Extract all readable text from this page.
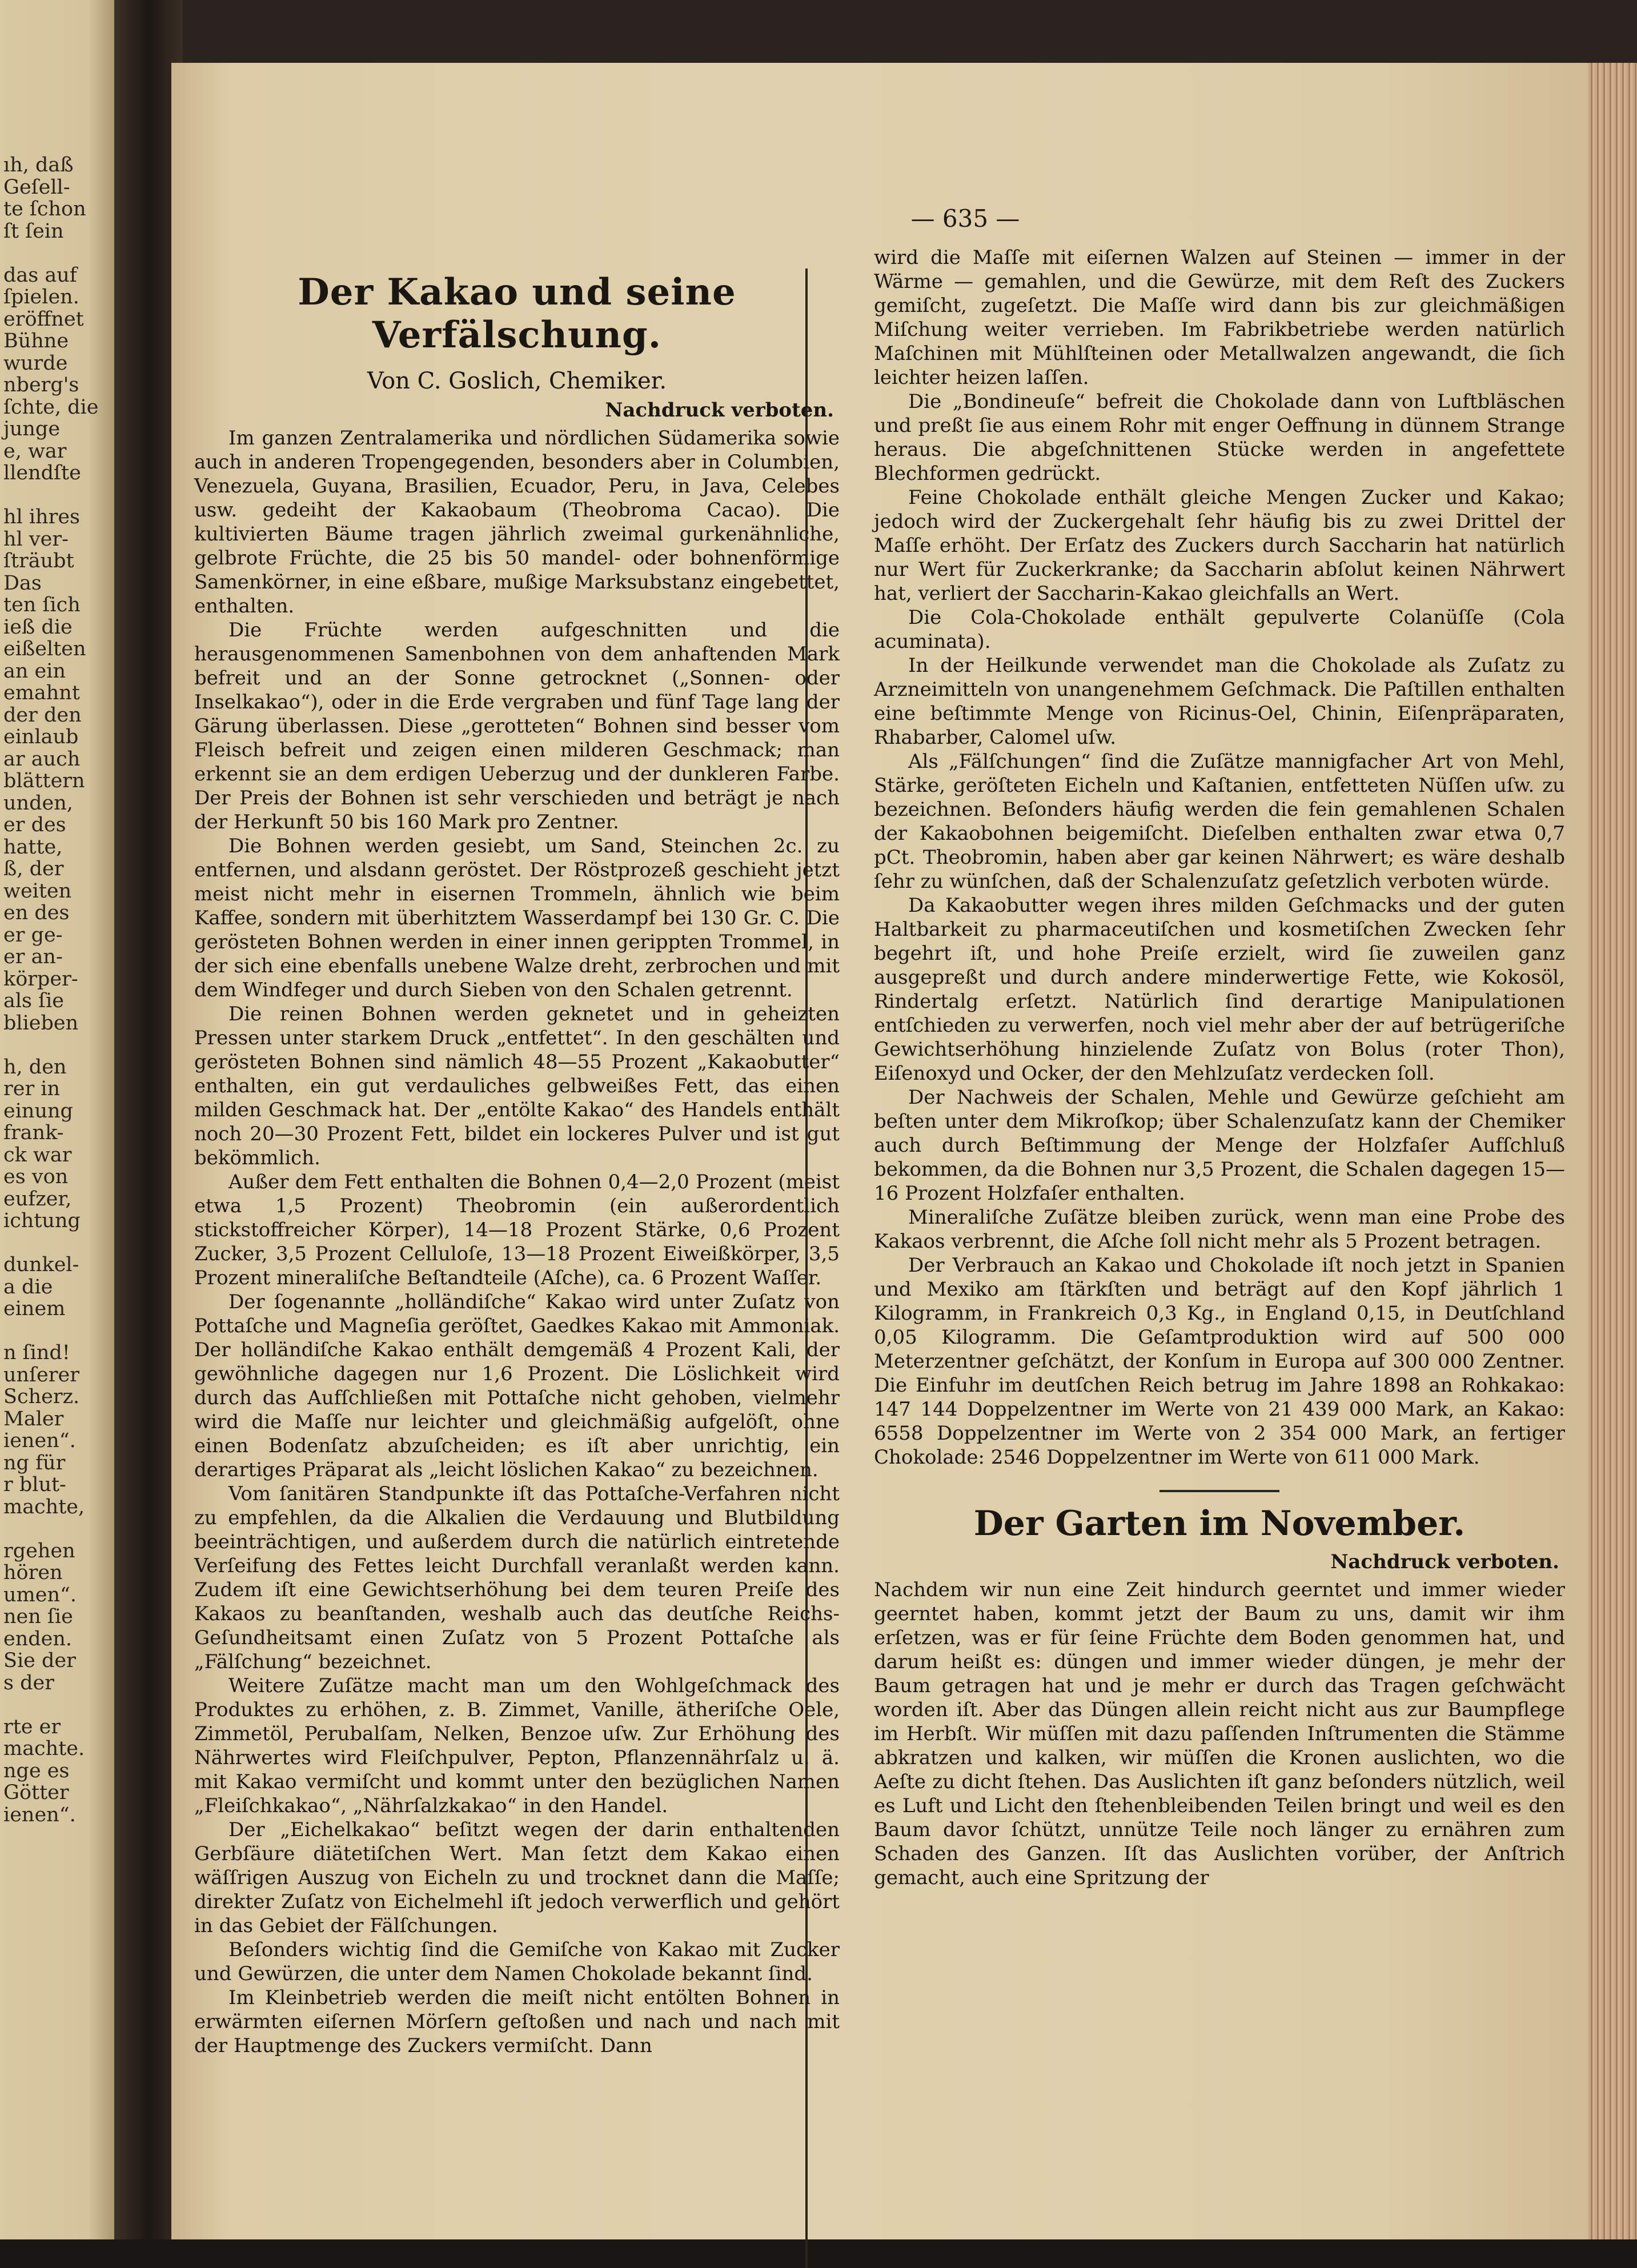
ıh, daß
Geſell-
te ſchon
ſt ſein

das auf
ſpielen.
eröffnet
Bühne
wurde
nberg's
ſchte, die
junge
e, war
llendſte

hl ihres
hl ver-
ſträubt
Das
ten ſich
ieß die
eißelten
an ein
emahnt
der den
einlaub
ar auch
blättern
unden,
er des
hatte,
ß, der
weiten
en des
er ge-
er an-
körper-
als ſie
blieben

h, den
rer in
einung
frank-
ck war
es von
eufzer,
ichtung

dunkel-
a die
einem

n ſind!
unſerer
Scherz.
Maler
ienen“.
ng für
r blut-
machte,

rgehen
hören
umen“.
nen ſie
enden.
Sie der
s der

rte er
machte.
nge es
Götter
ienen“.
— 635 —
Der Kakao und seine Verfälschung.
Von C. Goslich, Chemiker.
Nachdruck verboten.

Im ganzen Zentralamerika und nördlichen Südamerika sowie auch in anderen Tropengegenden, besonders aber in Columbien, Venezuela, Guyana, Brasilien, Ecuador, Peru, in Java, Celebes usw. gedeiht der Kakaobaum (Theobroma Cacao). Die kultivierten Bäume tragen jährlich zweimal gurkenähnliche, gelbrote Früchte, die 25 bis 50 mandel- oder bohnenförmige Samenkörner, in eine eßbare, mußige Marksubstanz eingebettet, enthalten.

Die Früchte werden aufgeschnitten und die herausgenommenen Samenbohnen von dem anhaftenden Mark befreit und an der Sonne getrocknet („Sonnen- oder Inselkakao“), oder in die Erde vergraben und fünf Tage lang der Gärung überlassen. Diese „gerotteten“ Bohnen sind besser vom Fleisch befreit und zeigen einen milderen Geschmack; man erkennt sie an dem erdigen Ueberzug und der dunkleren Farbe. Der Preis der Bohnen ist sehr verschieden und beträgt je nach der Herkunft 50 bis 160 Mark pro Zentner.

Die Bohnen werden gesiebt, um Sand, Steinchen 2c. zu entfernen, und alsdann geröstet. Der Röstprozeß geschieht jetzt meist nicht mehr in eisernen Trommeln, ähnlich wie beim Kaffee, sondern mit überhitztem Wasserdampf bei 130 Gr. C. Die gerösteten Bohnen werden in einer innen gerippten Trommel, in der sich eine ebenfalls unebene Walze dreht, zerbrochen und mit dem Windfeger und durch Sieben von den Schalen getrennt.

Die reinen Bohnen werden geknetet und in geheizten Pressen unter starkem Druck „entfettet“. In den geschälten und gerösteten Bohnen sind nämlich 48—55 Prozent „Kakaobutter“ enthalten, ein gut verdauliches gelbweißes Fett, das einen milden Geschmack hat. Der „entölte Kakao“ des Handels enthält noch 20—30 Prozent Fett, bildet ein lockeres Pulver und ist gut bekömmlich.

Außer dem Fett enthalten die Bohnen 0,4—2,0 Prozent (meist etwa 1,5 Prozent) Theobromin (ein außerordentlich stickstoffreicher Körper), 14—18 Prozent Stärke, 0,6 Prozent Zucker, 3,5 Prozent Celluloſe, 13—18 Prozent Eiweißkörper, 3,5 Prozent mineraliſche Beſtandteile (Aſche), ca. 6 Prozent Waſſer.

Der ſogenannte „holländiſche“ Kakao wird unter Zuſatz von Pottaſche und Magneſia geröſtet, Gaedkes Kakao mit Ammoniak. Der holländiſche Kakao enthält demgemäß 4 Prozent Kali, der gewöhnliche dagegen nur 1,6 Prozent. Die Löslichkeit wird durch das Aufſchließen mit Pottaſche nicht gehoben, vielmehr wird die Maſſe nur leichter und gleichmäßig aufgelöſt, ohne einen Bodenſatz abzuſcheiden; es iſt aber unrichtig, ein derartiges Präparat als „leicht löslichen Kakao“ zu bezeichnen.

Vom ſanitären Standpunkte iſt das Pottaſche-Verfahren nicht zu empfehlen, da die Alkalien die Verdauung und Blutbildung beeinträchtigen, und außerdem durch die natürlich eintretende Verſeifung des Fettes leicht Durchfall veranlaßt werden kann. Zudem iſt eine Gewichtserhöhung bei dem teuren Preiſe des Kakaos zu beanſtanden, weshalb auch das deutſche Reichs-Geſundheitsamt einen Zuſatz von 5 Prozent Pottaſche als „Fälſchung“ bezeichnet.

Weitere Zuſätze macht man um den Wohlgeſchmack des Produktes zu erhöhen, z. B. Zimmet, Vanille, ätheriſche Oele, Zimmetöl, Perubalſam, Nelken, Benzoe uſw. Zur Erhöhung des Nährwertes wird Fleiſchpulver, Pepton, Pflanzennährſalz u. ä. mit Kakao vermiſcht und kommt unter den bezüglichen Namen „Fleiſchkakao“, „Nährſalzkakao“ in den Handel.

Der „Eichelkakao“ beſitzt wegen der darin enthaltenden Gerbſäure diätetiſchen Wert. Man ſetzt dem Kakao einen wäſſrigen Auszug von Eicheln zu und trocknet dann die Maſſe; direkter Zuſatz von Eichelmehl iſt jedoch verwerflich und gehört in das Gebiet der Fälſchungen.

Beſonders wichtig ſind die Gemiſche von Kakao mit Zucker und Gewürzen, die unter dem Namen Chokolade bekannt ſind.

Im Kleinbetrieb werden die meiſt nicht entölten Bohnen in erwärmten eiſernen Mörſern geſtoßen und nach und nach mit der Hauptmenge des Zuckers vermiſcht. Dann

wird die Maſſe mit eiſernen Walzen auf Steinen — immer in der Wärme — gemahlen, und die Gewürze, mit dem Reſt des Zuckers gemiſcht, zugeſetzt. Die Maſſe wird dann bis zur gleichmäßigen Miſchung weiter verrieben. Im Fabrikbetriebe werden natürlich Maſchinen mit Mühlſteinen oder Metallwalzen angewandt, die ſich leichter heizen laſſen.

Die „Bondineuſe“ befreit die Chokolade dann von Luftbläschen und preßt ſie aus einem Rohr mit enger Oeffnung in dünnem Strange heraus. Die abgeſchnittenen Stücke werden in angefettete Blechformen gedrückt.

Feine Chokolade enthält gleiche Mengen Zucker und Kakao; jedoch wird der Zuckergehalt ſehr häufig bis zu zwei Drittel der Maſſe erhöht. Der Erſatz des Zuckers durch Saccharin hat natürlich nur Wert für Zuckerkranke; da Saccharin abſolut keinen Nährwert hat, verliert der Saccharin-Kakao gleichfalls an Wert.

Die Cola-Chokolade enthält gepulverte Colanüſſe (Cola acuminata).

In der Heilkunde verwendet man die Chokolade als Zuſatz zu Arzneimitteln von unangenehmem Geſchmack. Die Paſtillen enthalten eine beſtimmte Menge von Ricinus-Oel, Chinin, Eiſenpräparaten, Rhabarber, Calomel uſw.

Als „Fälſchungen“ ſind die Zuſätze mannigfacher Art von Mehl, Stärke, geröſteten Eicheln und Kaſtanien, entfetteten Nüſſen uſw. zu bezeichnen. Beſonders häufig werden die fein gemahlenen Schalen der Kakaobohnen beigemiſcht. Dieſelben enthalten zwar etwa 0,7 pCt. Theobromin, haben aber gar keinen Nährwert; es wäre deshalb ſehr zu wünſchen, daß der Schalenzuſatz geſetzlich verboten würde.

Da Kakaobutter wegen ihres milden Geſchmacks und der guten Haltbarkeit zu pharmaceutiſchen und kosmetiſchen Zwecken ſehr begehrt iſt, und hohe Preiſe erzielt, wird ſie zuweilen ganz ausgepreßt und durch andere minderwertige Fette, wie Kokosöl, Rindertalg erſetzt. Natürlich ſind derartige Manipulationen entſchieden zu verwerfen, noch viel mehr aber der auf betrügeriſche Gewichtserhöhung hinzielende Zuſatz von Bolus (roter Thon), Eiſenoxyd und Ocker, der den Mehlzuſatz verdecken ſoll.

Der Nachweis der Schalen, Mehle und Gewürze geſchieht am beſten unter dem Mikroſkop; über Schalenzuſatz kann der Chemiker auch durch Beſtimmung der Menge der Holzfaſer Aufſchluß bekommen, da die Bohnen nur 3,5 Prozent, die Schalen dagegen 15—16 Prozent Holzfaſer enthalten.

Mineraliſche Zuſätze bleiben zurück, wenn man eine Probe des Kakaos verbrennt, die Aſche ſoll nicht mehr als 5 Prozent betragen.

Der Verbrauch an Kakao und Chokolade iſt noch jetzt in Spanien und Mexiko am ſtärkſten und beträgt auf den Kopf jährlich 1 Kilogramm, in Frankreich 0,3 Kg., in England 0,15, in Deutſchland 0,05 Kilogramm. Die Geſamtproduktion wird auf 500 000 Meterzentner geſchätzt, der Konſum in Europa auf 300 000 Zentner. Die Einfuhr im deutſchen Reich betrug im Jahre 1898 an Rohkakao: 147 144 Doppelzentner im Werte von 21 439 000 Mark, an Kakao: 6558 Doppelzentner im Werte von 2 354 000 Mark, an fertiger Chokolade: 2546 Doppelzentner im Werte von 611 000 Mark.

Der Garten im November.
Nachdruck verboten.

Nachdem wir nun eine Zeit hindurch geerntet und immer wieder geerntet haben, kommt jetzt der Baum zu uns, damit wir ihm erſetzen, was er für ſeine Früchte dem Boden genommen hat, und darum heißt es: düngen und immer wieder düngen, je mehr der Baum getragen hat und je mehr er durch das Tragen geſchwächt worden iſt. Aber das Düngen allein reicht nicht aus zur Baumpflege im Herbſt. Wir müſſen mit dazu paſſenden Inſtrumenten die Stämme abkratzen und kalken, wir müſſen die Kronen auslichten, wo die Aeſte zu dicht ſtehen. Das Auslichten iſt ganz beſonders nützlich, weil es Luft und Licht den ſtehenbleibenden Teilen bringt und weil es den Baum davor ſchützt, unnütze Teile noch länger zu ernähren zum Schaden des Ganzen. Iſt das Auslichten vorüber, der Anſtrich gemacht, auch eine Spritzung der
